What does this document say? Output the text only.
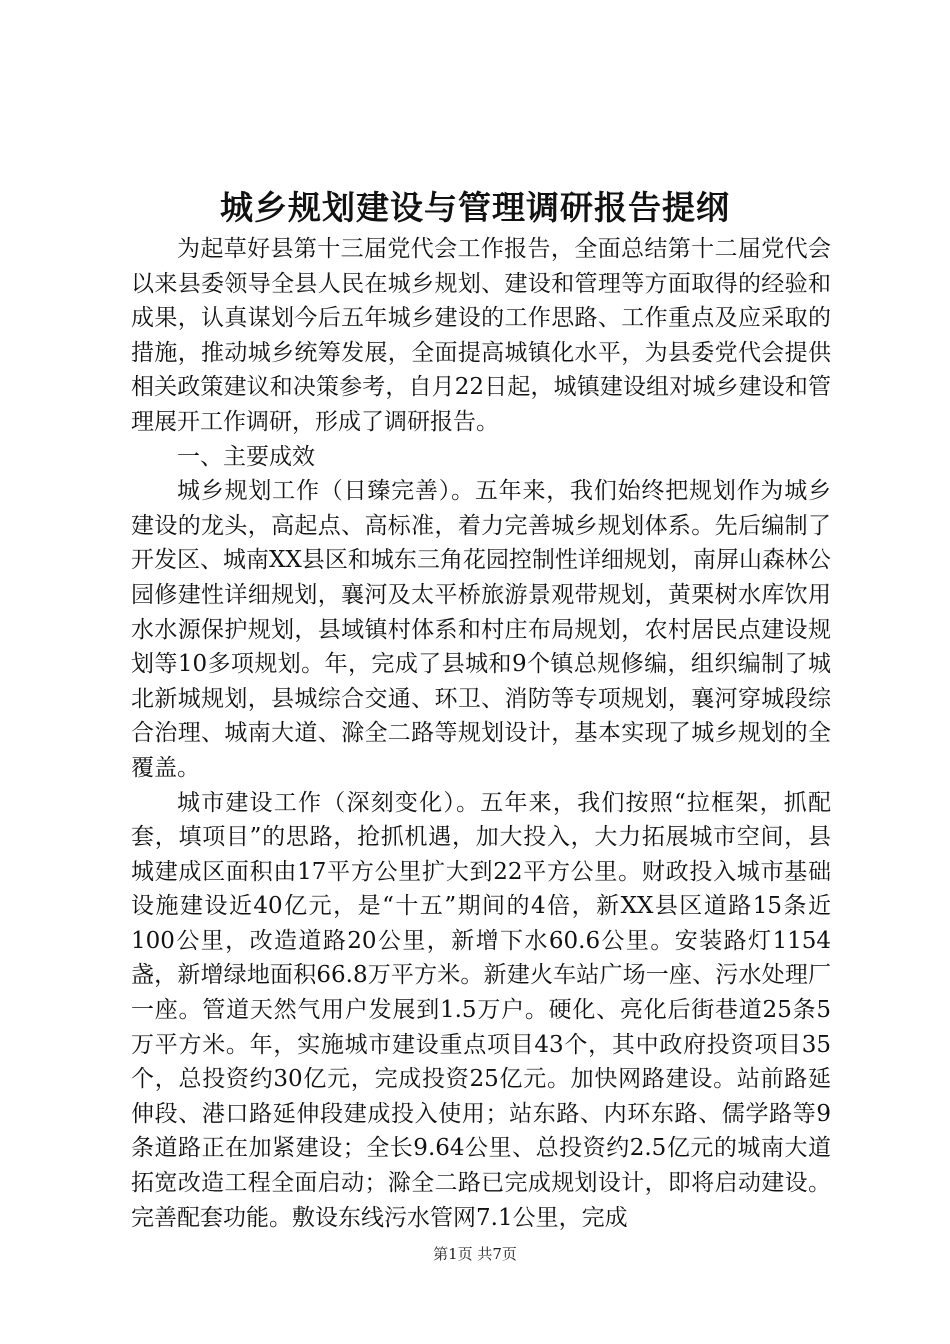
城乡规划建设与管理调研报告提纲

为起草好县第十三届党代会工作报告，全面总结第十二届党代会以来县委领导全县人民在城乡规划、建设和管理等方面取得的经验和成果，认真谋划今后五年城乡建设的工作思路、工作重点及应采取的措施，推动城乡统筹发展，全面提高城镇化水平，为县委党代会提供相关政策建议和决策参考，自月22日起，城镇建设组对城乡建设和管理展开工作调研，形成了调研报告。

一、主要成效

城乡规划工作（日臻完善）。五年来，我们始终把规划作为城乡建设的龙头，高起点、高标准，着力完善城乡规划体系。先后编制了开发区、城南XX县区和城东三角花园控制性详细规划，南屏山森林公园修建性详细规划，襄河及太平桥旅游景观带规划，黄栗树水库饮用水水源保护规划，县域镇村体系和村庄布局规划，农村居民点建设规划等10多项规划。年，完成了县城和9个镇总规修编，组织编制了城北新城规划，县城综合交通、环卫、消防等专项规划，襄河穿城段综合治理、城南大道、滁全二路等规划设计，基本实现了城乡规划的全覆盖。

城市建设工作（深刻变化）。五年来，我们按照“拉框架，抓配套，填项目”的思路，抢抓机遇，加大投入，大力拓展城市空间，县城建成区面积由17平方公里扩大到22平方公里。财政投入城市基础设施建设近40亿元，是“十五”期间的4倍，新XX县区道路15条近100公里，改造道路20公里，新增下水60.6公里。安装路灯1154盏，新增绿地面积66.8万平方米。新建火车站广场一座、污水处理厂一座。管道天然气用户发展到1.5万户。硬化、亮化后街巷道25条5万平方米。年，实施城市建设重点项目43个，其中政府投资项目35个，总投资约30亿元，完成投资25亿元。加快网路建设。站前路延伸段、港口路延伸段建成投入使用；站东路、内环东路、儒学路等9条道路正在加紧建设；全长9.64公里、总投资约2.5亿元的城南大道拓宽改造工程全面启动；滁全二路已完成规划设计，即将启动建设。完善配套功能。敷设东线污水管网7.1公里，完成

第1页 共7页
